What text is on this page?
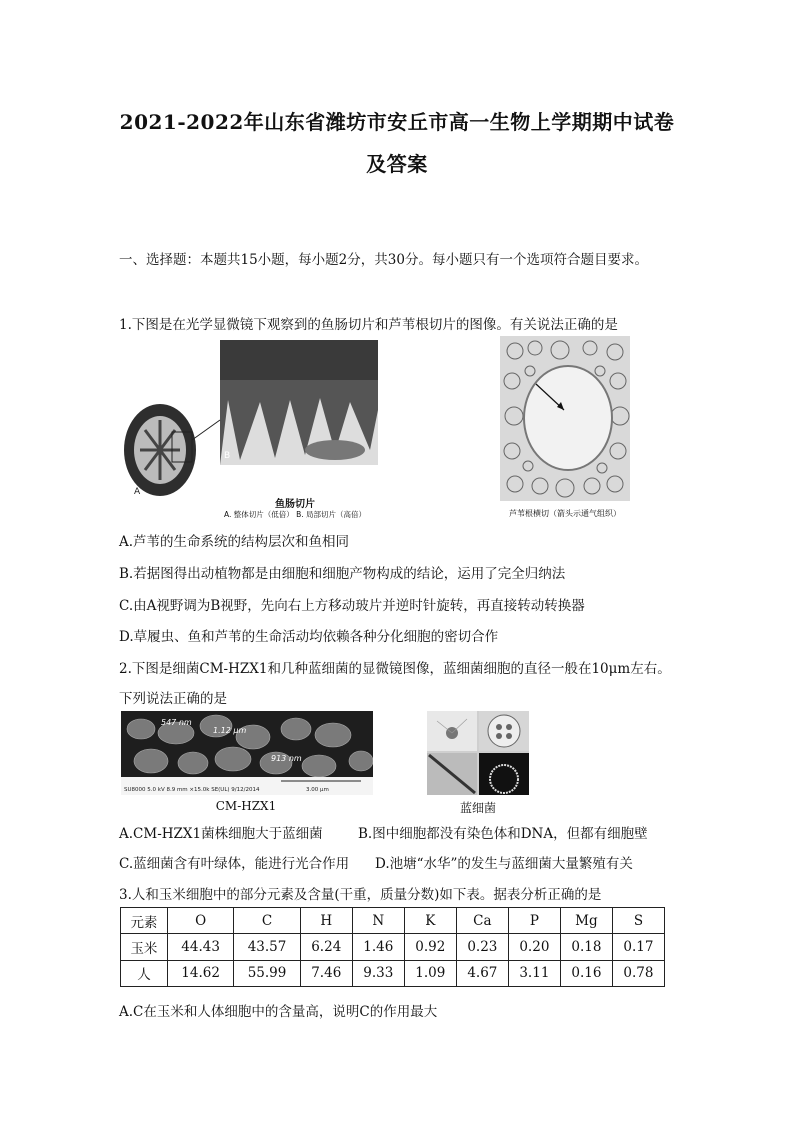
2021-2022年山东省潍坊市安丘市高一生物上学期期中试卷
及答案
一、选择题：本题共15小题，每小题2分，共30分。每小题只有一个选项符合题目要求。
1.下图是在光学显微镜下观察到的鱼肠切片和芦苇根切片的图像。有关说法正确的是
A
B
鱼肠切片
A. 整体切片（低倍） B. 局部切片（高倍）	芦苇根横切（箭头示通气组织）
A.芦苇的生命系统的结构层次和鱼相同
B.若据图得出动植物都是由细胞和细胞产物构成的结论，运用了完全归纳法
C.由A视野调为B视野，先向右上方移动玻片并逆时针旋转，再直接转动转换器
D.草履虫、鱼和芦苇的生命活动均依赖各种分化细胞的密切合作
2.下图是细菌CM-HZX1和几种蓝细菌的显微镜图像，蓝细菌细胞的直径一般在10μm左右。
下列说法正确的是
547 nm
1.12 μm
913 nm
SU8000 5.0 kV 8.9 mm ×15.0k SE(UL) 9/12/2014	3.00 μm
CM-HZX1	蓝细菌
A.CM-HZX1菌株细胞大于蓝细菌	B.图中细胞都没有染色体和DNA，但都有细胞壁
C.蓝细菌含有叶绿体，能进行光合作用 D.池塘“水华”的发生与蓝细菌大量繁殖有关
3.人和玉米细胞中的部分元素及含量(干重，质量分数)如下表。据表分析正确的是
元素	O	C	H	N	K	Ca	P	Mg	S
玉米	44.43	43.57	6.24	1.46	0.92	0.23	0.20	0.18	0.17
人	14.62	55.99	7.46	9.33	1.09	4.67	3.11	0.16	0.78
A.C在玉米和人体细胞中的含量高，说明C的作用最大
